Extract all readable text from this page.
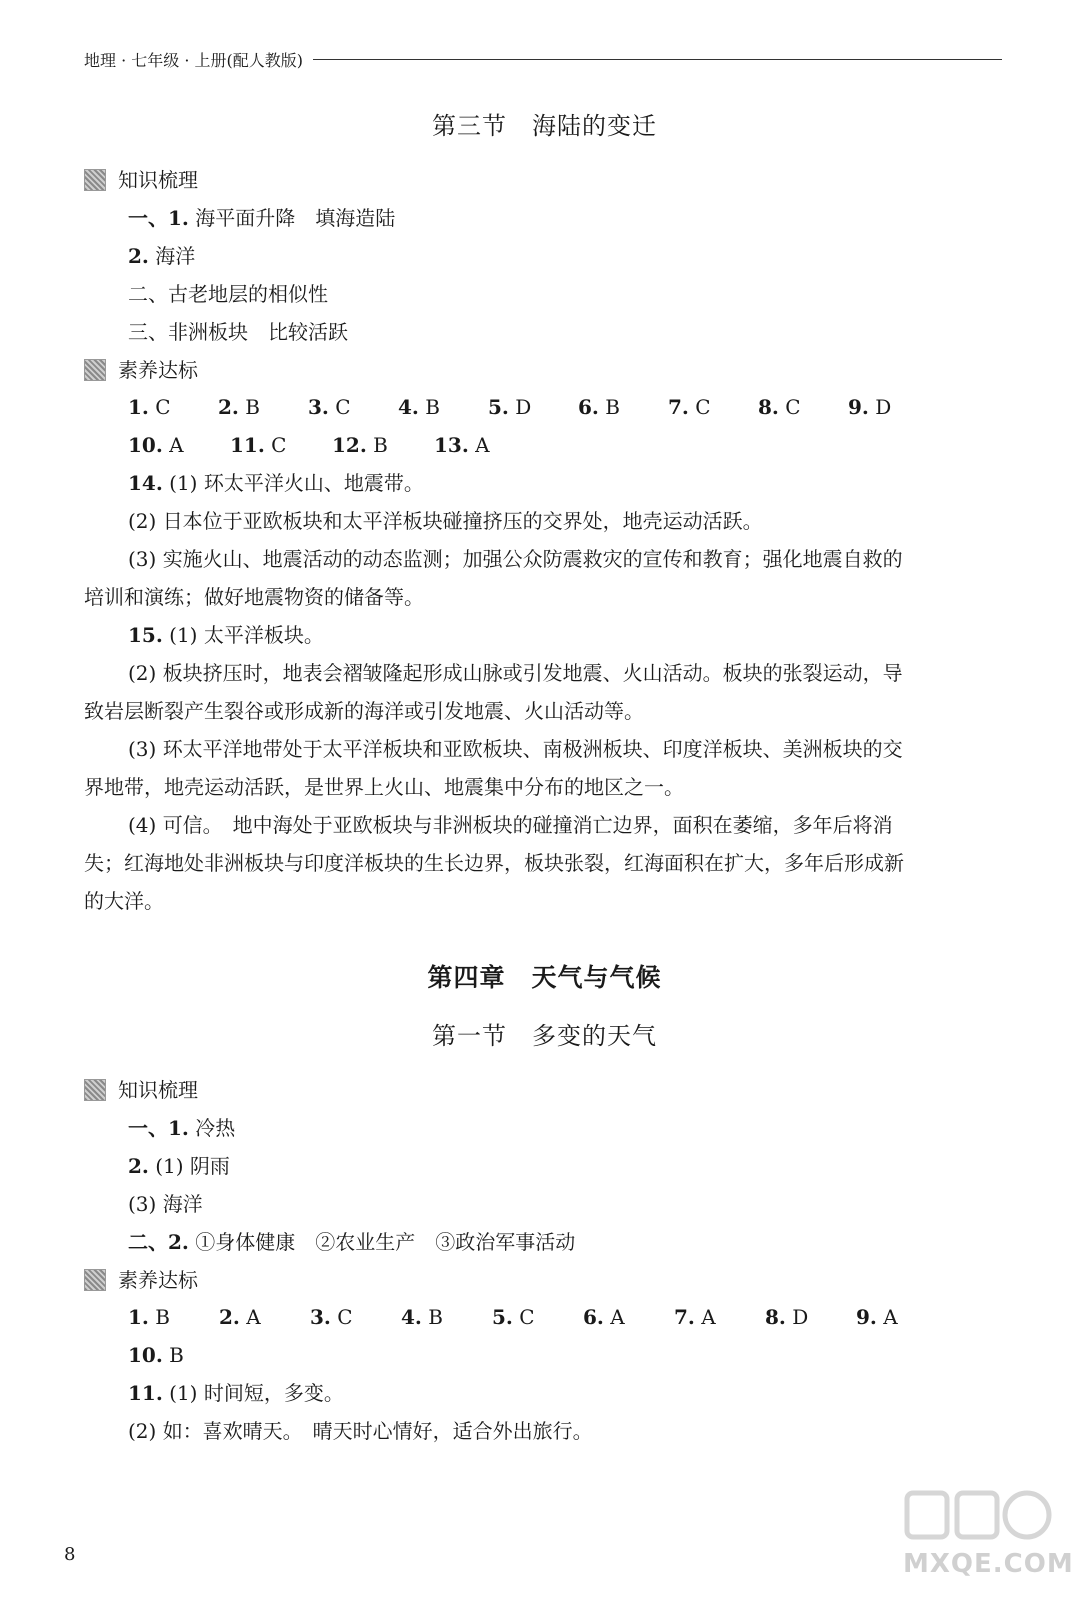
地理 · 七年级 · 上册(配人教版)
第三节　海陆的变迁
知识梳理
一、1. 海平面升降　填海造陆
2. 海洋
二、古老地层的相似性
三、非洲板块　比较活跃
素养达标
1. C	2. B	3. C	4. B	5. D	6. B	7. C	8. C	9. D
10. A	11. C	12. B	13. A
14. (1) 环太平洋火山、地震带。
(2) 日本位于亚欧板块和太平洋板块碰撞挤压的交界处，地壳运动活跃。
(3) 实施火山、地震活动的动态监测；加强公众防震救灾的宣传和教育；强化地震自救的
培训和演练；做好地震物资的储备等。
15. (1) 太平洋板块。
(2) 板块挤压时，地表会褶皱隆起形成山脉或引发地震、火山活动。板块的张裂运动，导
致岩层断裂产生裂谷或形成新的海洋或引发地震、火山活动等。
(3) 环太平洋地带处于太平洋板块和亚欧板块、南极洲板块、印度洋板块、美洲板块的交
界地带，地壳运动活跃，是世界上火山、地震集中分布的地区之一。
(4) 可信。　地中海处于亚欧板块与非洲板块的碰撞消亡边界，面积在萎缩，多年后将消
失；红海地处非洲板块与印度洋板块的生长边界，板块张裂，红海面积在扩大，多年后形成新
的大洋。
第四章　天气与气候
第一节　多变的天气
知识梳理
一、1. 冷热
2. (1) 阴雨
(3) 海洋
二、2. ①身体健康　②农业生产　③政治军事活动
素养达标
1. B	2. A	3. C	4. B	5. C	6. A	7. A	8. D	9. A
10. B
11. (1) 时间短，多变。
(2) 如：喜欢晴天。　晴天时心情好，适合外出旅行。
8	MXQE.COM
